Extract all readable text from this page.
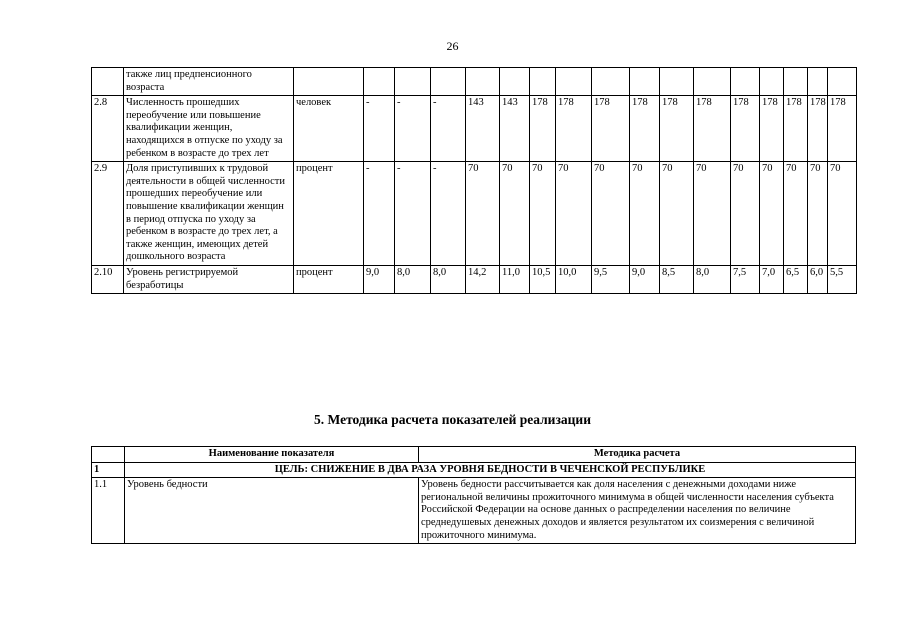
26
	также лиц предпенсионного возраста																	
2.8	Численность прошедших переобучение или повышение квалификации женщин, находящихся в отпуске по уходу за ребенком в возрасте до трех лет	человек	-	-	-	143	143	178	178	178	178	178	178	178	178	178	178	178
2.9	Доля приступивших к трудовой деятельности в общей численности прошедших переобучение или повышение квалификации женщин в период отпуска по уходу за ребенком в возрасте до трех лет, а также женщин, имеющих детей дошкольного возраста	процент	-	-	-	70	70	70	70	70	70	70	70	70	70	70	70	70
2.10	Уровень регистрируемой безработицы	процент	9,0	8,0	8,0	14,2	11,0	10,5	10,0	9,5	9,0	8,5	8,0	7,5	7,0	6,5	6,0	5,5
5. Методика расчета показателей реализации
	Наименование показателя	Методика расчета
1	ЦЕЛЬ: СНИЖЕНИЕ В ДВА РАЗА УРОВНЯ БЕДНОСТИ В ЧЕЧЕНСКОЙ РЕСПУБЛИКЕ	
1.1	Уровень бедности	Уровень бедности рассчитывается как доля населения с денежными доходами ниже региональной величины прожиточного минимума в общей численности населения субъекта Российской Федерации на основе данных о распределении населения по величине среднедушевых денежных доходов и является результатом их соизмерения с величиной прожиточного минимума.
